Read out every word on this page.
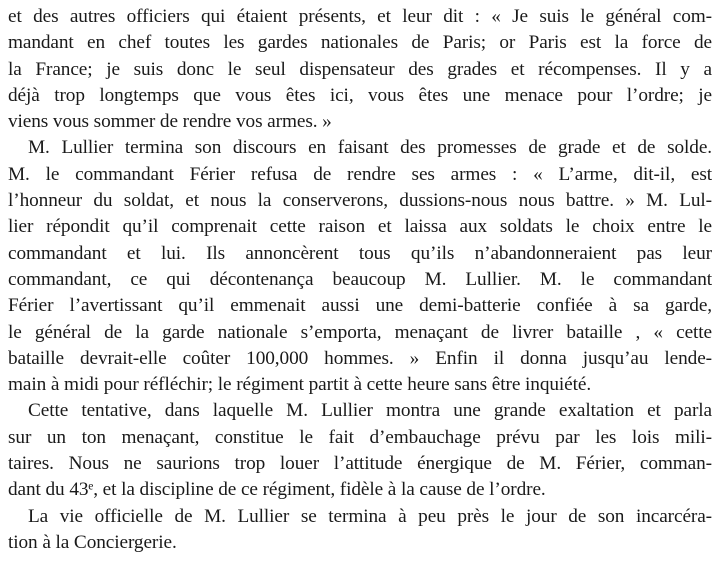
et des autres officiers qui étaient présents, et leur dit : « Je suis le général com-
mandant en chef toutes les gardes nationales de Paris; or Paris est la force de
la France; je suis donc le seul dispensateur des grades et récompenses. Il y a
déjà trop longtemps que vous êtes ici, vous êtes une menace pour l’ordre; je
viens vous sommer de rendre vos armes. »
M. Lullier termina son discours en faisant des promesses de grade et de solde.
M. le commandant Férier refusa de rendre ses armes : « L’arme, dit-il, est
l’honneur du soldat, et nous la conserverons, dussions-nous nous battre. » M. Lul-
lier répondit qu’il comprenait cette raison et laissa aux soldats le choix entre le
commandant et lui. Ils annoncèrent tous qu’ils n’abandonneraient pas leur
commandant, ce qui décontenança beaucoup M. Lullier. M. le commandant
Férier l’avertissant qu’il emmenait aussi une demi-batterie confiée à sa garde,
le général de la garde nationale s’emporta, menaçant de livrer bataille , « cette
bataille devrait-elle coûter 100,000 hommes. » Enfin il donna jusqu’au lende-
main à midi pour réfléchir; le régiment partit à cette heure sans être inquiété.
Cette tentative, dans laquelle M. Lullier montra une grande exaltation et parla
sur un ton menaçant, constitue le fait d’embauchage prévu par les lois mili-
taires. Nous ne saurions trop louer l’attitude énergique de M. Férier, comman-
dant du 43ᵉ, et la discipline de ce régiment, fidèle à la cause de l’ordre.
La vie officielle de M. Lullier se termina à peu près le jour de son incarcéra-
tion à la Conciergerie.
